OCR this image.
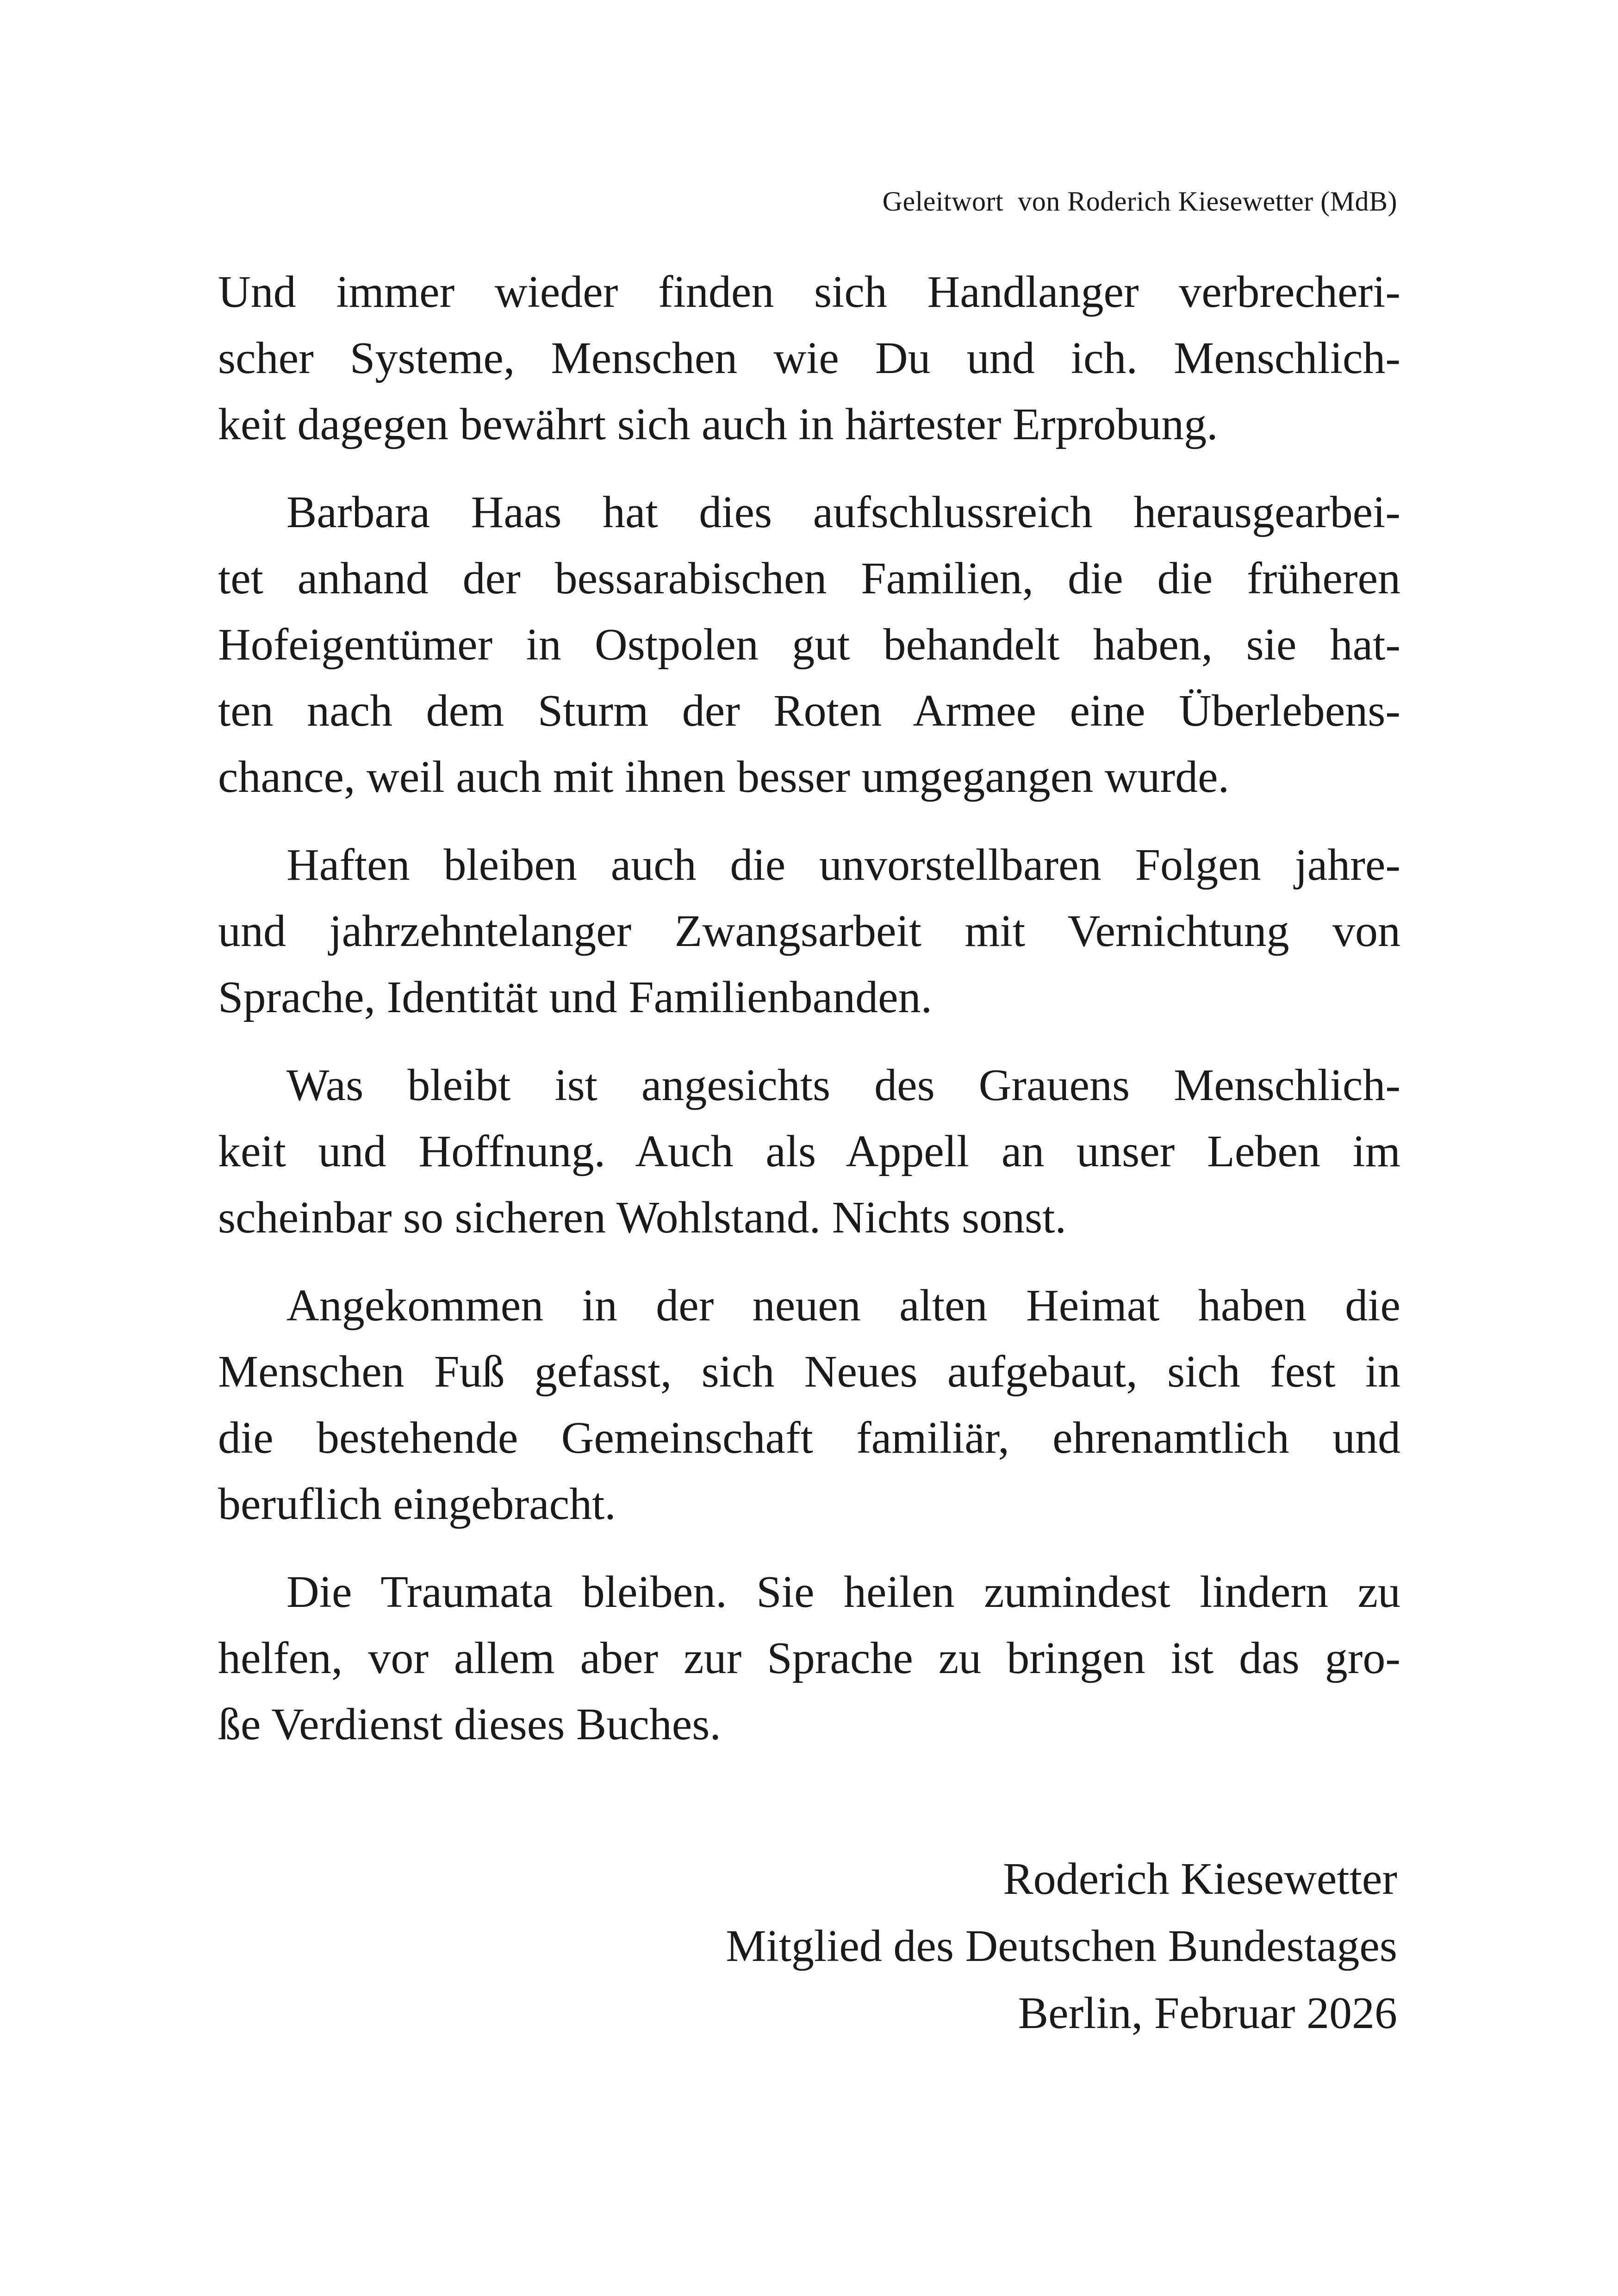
Geleitwort  von Roderich Kiesewetter (MdB)
Und immer wieder finden sich Handlanger verbrecheri-
scher Systeme, Menschen wie Du und ich. Menschlich-
keit dagegen bewährt sich auch in härtester Erprobung.
Barbara Haas hat dies aufschlussreich herausgearbei-
tet anhand der bessarabischen Familien, die die früheren
Hofeigentümer in Ostpolen gut behandelt haben, sie hat-
ten nach dem Sturm der Roten Armee eine Überlebens-
chance, weil auch mit ihnen besser umgegangen wurde.
Haften bleiben auch die unvorstellbaren Folgen jahre-
und jahrzehntelanger Zwangsarbeit mit Vernichtung von
Sprache, Identität und Familienbanden.
Was bleibt ist angesichts des Grauens Menschlich-
keit und Hoffnung. Auch als Appell an unser Leben im
scheinbar so sicheren Wohlstand. Nichts sonst.
Angekommen in der neuen alten Heimat haben die
Menschen Fuß gefasst, sich Neues aufgebaut, sich fest in
die bestehende Gemeinschaft familiär, ehrenamtlich und
beruflich eingebracht.
Die Traumata bleiben. Sie heilen zumindest lindern zu
helfen, vor allem aber zur Sprache zu bringen ist das gro-
ße Verdienst dieses Buches.
Roderich Kiesewetter
Mitglied des Deutschen Bundestages
Berlin, Februar 2026
